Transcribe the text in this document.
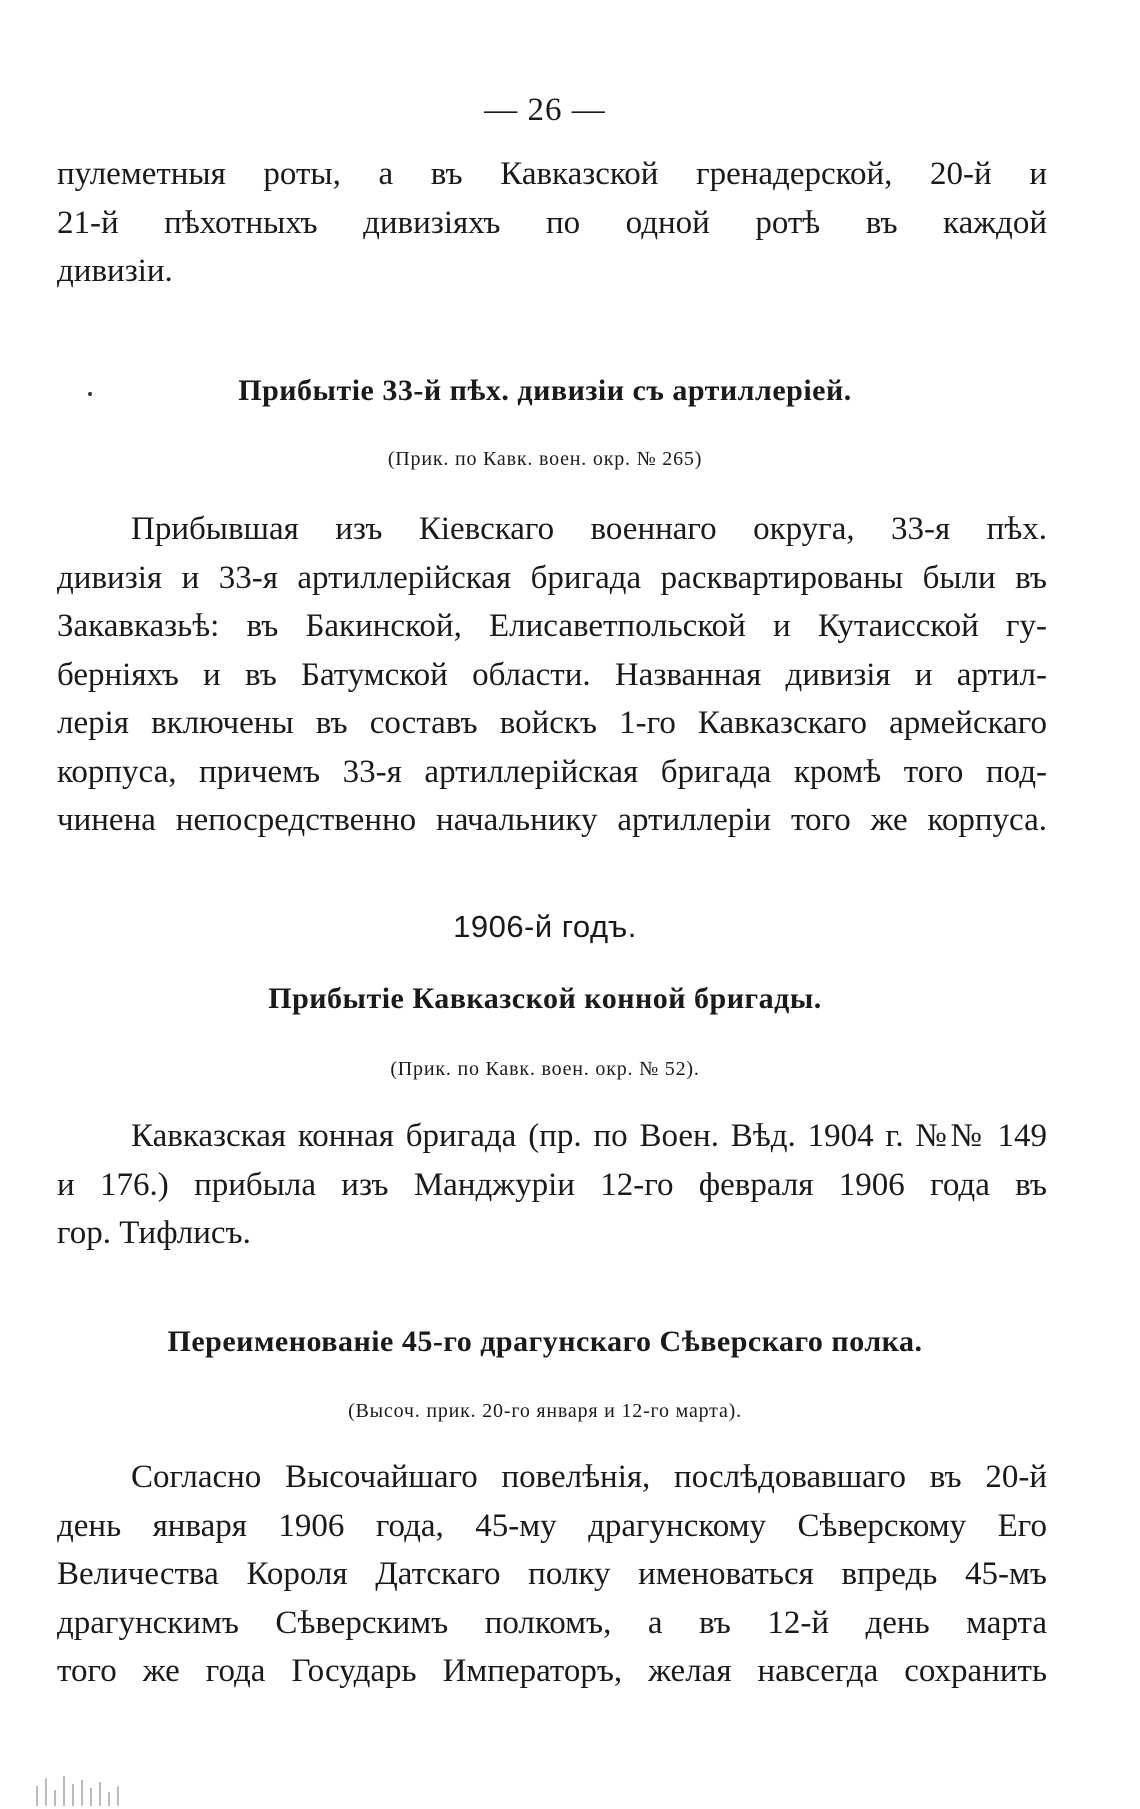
— 26 —
пулеметныя роты, а въ Кавказской гренадерской, 20-й и
21-й пѣхотныхъ дивизіяхъ по одной ротѣ въ каждой
дивизіи.
Прибытіе 33-й пѣх. дивизіи съ артиллеріей.
(Прик. по Кавк. воен. окр. № 265)
Прибывшая изъ Кіевскаго военнаго округа, 33-я пѣх.
дивизія и 33-я артиллерійская бригада расквартированы были въ
Закавказьѣ: въ Бакинской, Елисаветпольской и Кутаисской гу-
берніяхъ и въ Батумской области. Названная дивизія и артил-
лерія включены въ составъ войскъ 1-го Кавказскаго армейскаго
корпуса, причемъ 33-я артиллерійская бригада кромѣ того под-
чинена непосредственно начальнику артиллеріи того же корпуса.
1906-й годъ.
Прибытіе Кавказской конной бригады.
(Прик. по Кавк. воен. окр. № 52).
Кавказская конная бригада (пр. по Воен. Вѣд. 1904 г. №№ 149
и 176.) прибыла изъ Манджуріи 12-го февраля 1906 года въ
гор. Тифлисъ.
Переименованіе 45-го драгунскаго Сѣверскаго полка.
(Высоч. прик. 20-го января и 12-го марта).
Согласно Высочайшаго повелѣнія, послѣдовавшаго въ 20-й
день января 1906 года, 45-му драгунскому Сѣверскому Его
Величества Короля Датскаго полку именоваться впредь 45-мъ
драгунскимъ Сѣверскимъ полкомъ, а въ 12-й день марта
того же года Государь Императоръ, желая навсегда сохранить
